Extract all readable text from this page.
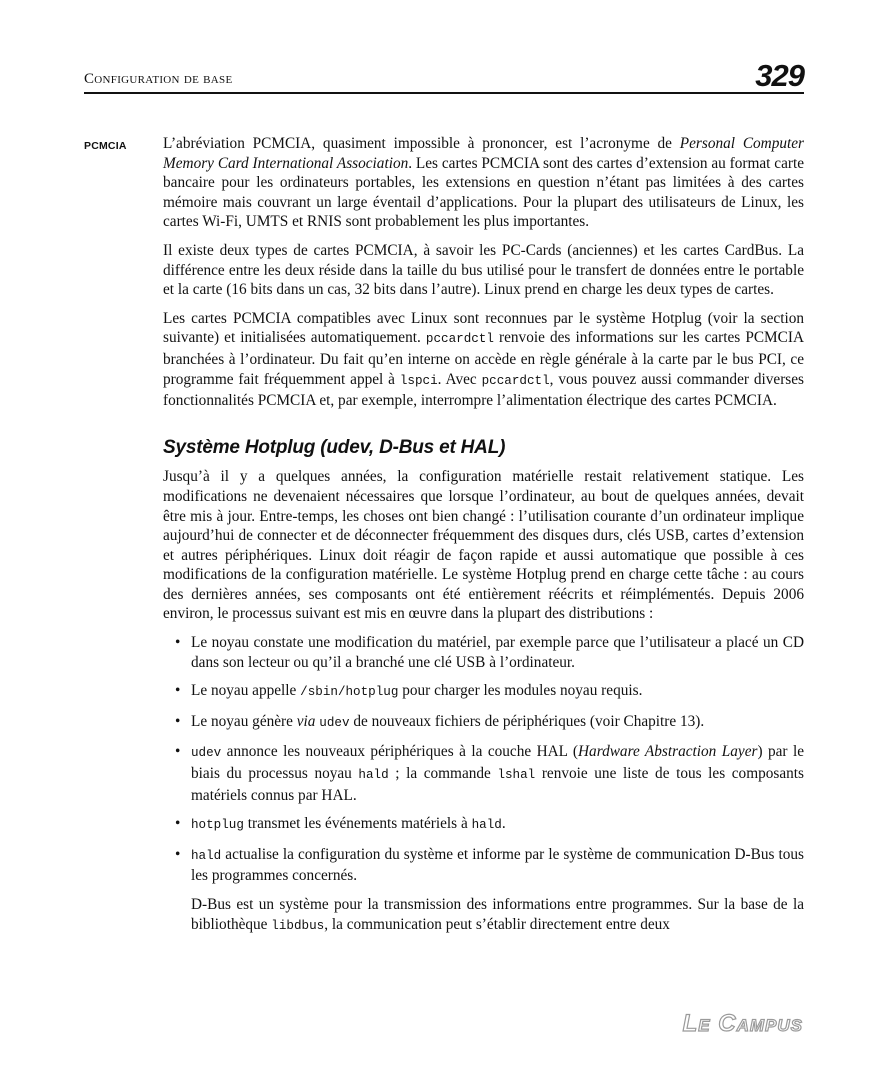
Configuration de base	329
PCMCIA L’abréviation PCMCIA, quasiment impossible à prononcer, est l’acronyme de Personal Computer Memory Card International Association. Les cartes PCMCIA sont des cartes d’extension au format carte bancaire pour les ordinateurs portables, les extensions en question n’étant pas limitées à des cartes mémoire mais couvrant un large éventail d’applications. Pour la plupart des utilisateurs de Linux, les cartes Wi-Fi, UMTS et RNIS sont probablement les plus importantes.

Il existe deux types de cartes PCMCIA, à savoir les PC-Cards (anciennes) et les cartes CardBus. La différence entre les deux réside dans la taille du bus utilisé pour le transfert de données entre le portable et la carte (16 bits dans un cas, 32 bits dans l’autre). Linux prend en charge les deux types de cartes.

Les cartes PCMCIA compatibles avec Linux sont reconnues par le système Hotplug (voir la section suivante) et initialisées automatiquement. pccardctl renvoie des informations sur les cartes PCMCIA branchées à l’ordinateur. Du fait qu’en interne on accède en règle générale à la carte par le bus PCI, ce programme fait fréquemment appel à lspci. Avec pccardctl, vous pouvez aussi commander diverses fonctionnalités PCMCIA et, par exemple, interrompre l’alimentation électrique des cartes PCMCIA.

Système Hotplug (udev, D-Bus et HAL)

Jusqu’à il y a quelques années, la configuration matérielle restait relativement statique. Les modifications ne devenaient nécessaires que lorsque l’ordinateur, au bout de quelques années, devait être mis à jour. Entre-temps, les choses ont bien changé : l’utilisation courante d’un ordinateur implique aujourd’hui de connecter et de déconnecter fréquemment des disques durs, clés USB, cartes d’extension et autres périphériques. Linux doit réagir de façon rapide et aussi automatique que possible à ces modifications de la configuration matérielle. Le système Hotplug prend en charge cette tâche : au cours des dernières années, ses composants ont été entièrement réécrits et réimplémentés. Depuis 2006 environ, le processus suivant est mis en œuvre dans la plupart des distributions :

• Le noyau constate une modification du matériel, par exemple parce que l’utilisateur a placé un CD dans son lecteur ou qu’il a branché une clé USB à l’ordinateur.
• Le noyau appelle /sbin/hotplug pour charger les modules noyau requis.
• Le noyau génère via udev de nouveaux fichiers de périphériques (voir Chapitre 13).
• udev annonce les nouveaux périphériques à la couche HAL (Hardware Abstraction Layer) par le biais du processus noyau hald ; la commande lshal renvoie une liste de tous les composants matériels connus par HAL.
• hotplug transmet les événements matériels à hald.
• hald actualise la configuration du système et informe par le système de communication D-Bus tous les programmes concernés.

D-Bus est un système pour la transmission des informations entre programmes. Sur la base de la bibliothèque libdbus, la communication peut s’établir directement entre deux

Le Campus
